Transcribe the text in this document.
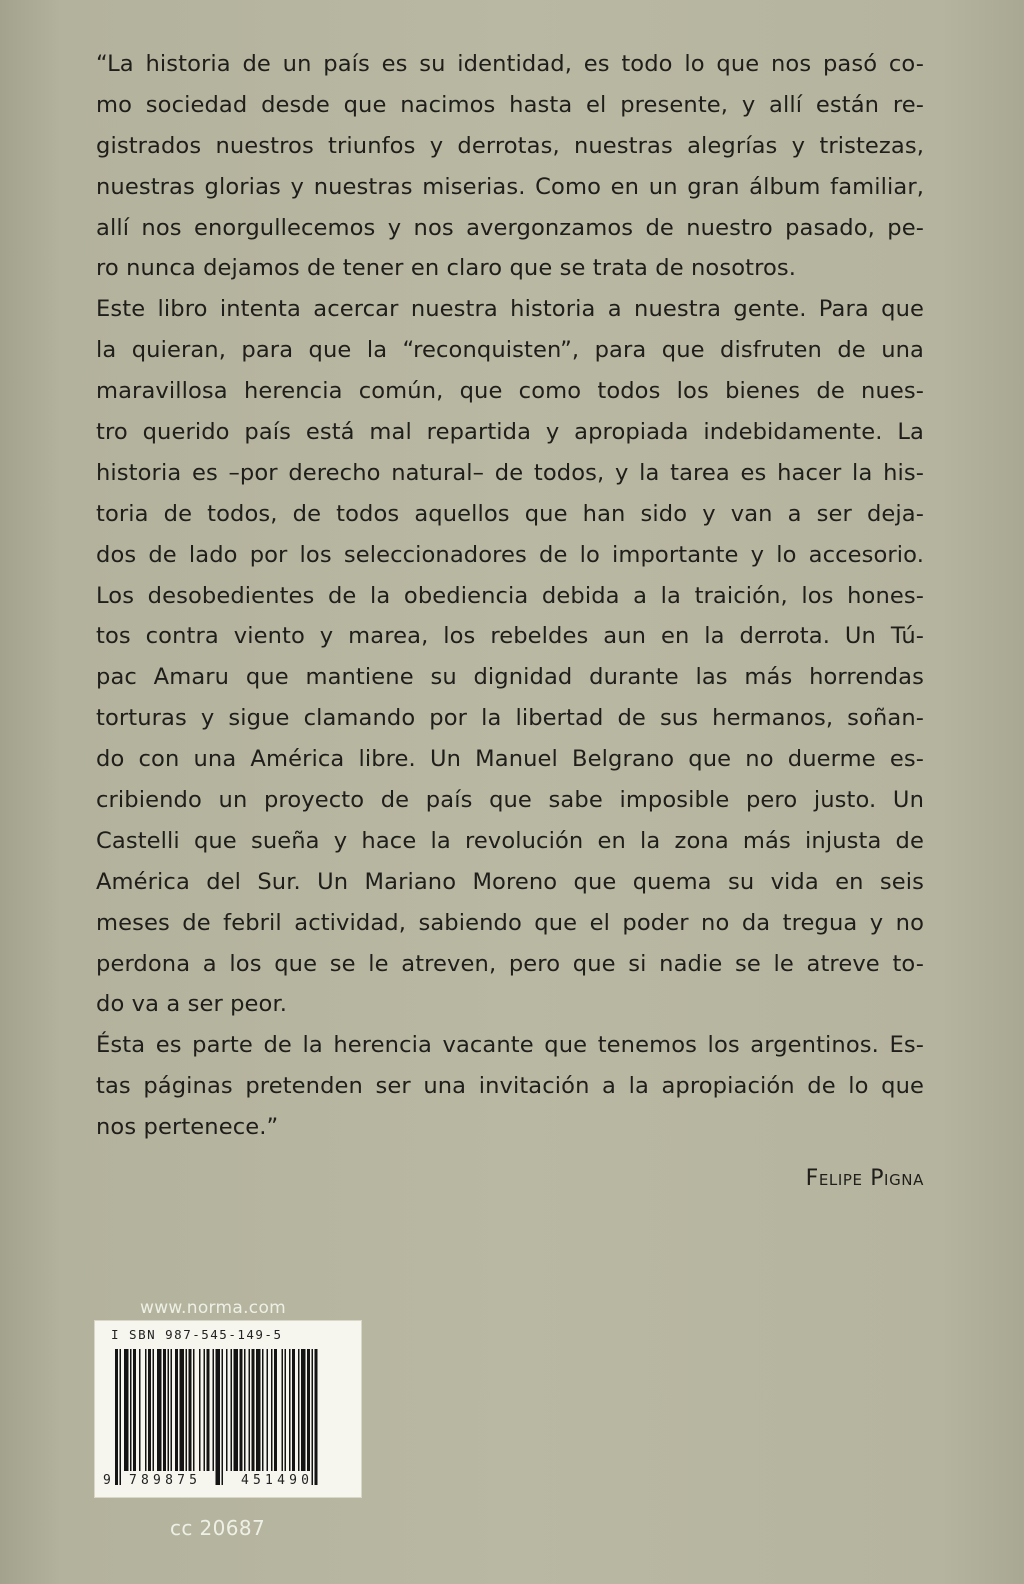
“La historia de un país es su identidad, es todo lo que nos pasó co-
mo sociedad desde que nacimos hasta el presente, y allí están re-
gistrados nuestros triunfos y derrotas, nuestras alegrías y tristezas,
nuestras glorias y nuestras miserias. Como en un gran álbum familiar,
allí nos enorgullecemos y nos avergonzamos de nuestro pasado, pe-
ro nunca dejamos de tener en claro que se trata de nosotros.
Este libro intenta acercar nuestra historia a nuestra gente. Para que
la quieran, para que la “reconquisten”, para que disfruten de una
maravillosa herencia común, que como todos los bienes de nues-
tro querido país está mal repartida y apropiada indebidamente. La
historia es –por derecho natural– de todos, y la tarea es hacer la his-
toria de todos, de todos aquellos que han sido y van a ser deja-
dos de lado por los seleccionadores de lo importante y lo accesorio.
Los desobedientes de la obediencia debida a la traición, los hones-
tos contra viento y marea, los rebeldes aun en la derrota. Un Tú-
pac Amaru que mantiene su dignidad durante las más horrendas
torturas y sigue clamando por la libertad de sus hermanos, soñan-
do con una América libre. Un Manuel Belgrano que no duerme es-
cribiendo un proyecto de país que sabe imposible pero justo. Un
Castelli que sueña y hace la revolución en la zona más injusta de
América del Sur. Un Mariano Moreno que quema su vida en seis
meses de febril actividad, sabiendo que el poder no da tregua y no
perdona a los que se le atreven, pero que si nadie se le atreve to-
do va a ser peor.
Ésta es parte de la herencia vacante que tenemos los argentinos. Es-
tas páginas pretenden ser una invitación a la apropiación de lo que
nos pertenece.”
Felipe Pigna
www.norma.com
I SBN 987-545-149-5
9 789875	451490
cc 20687
